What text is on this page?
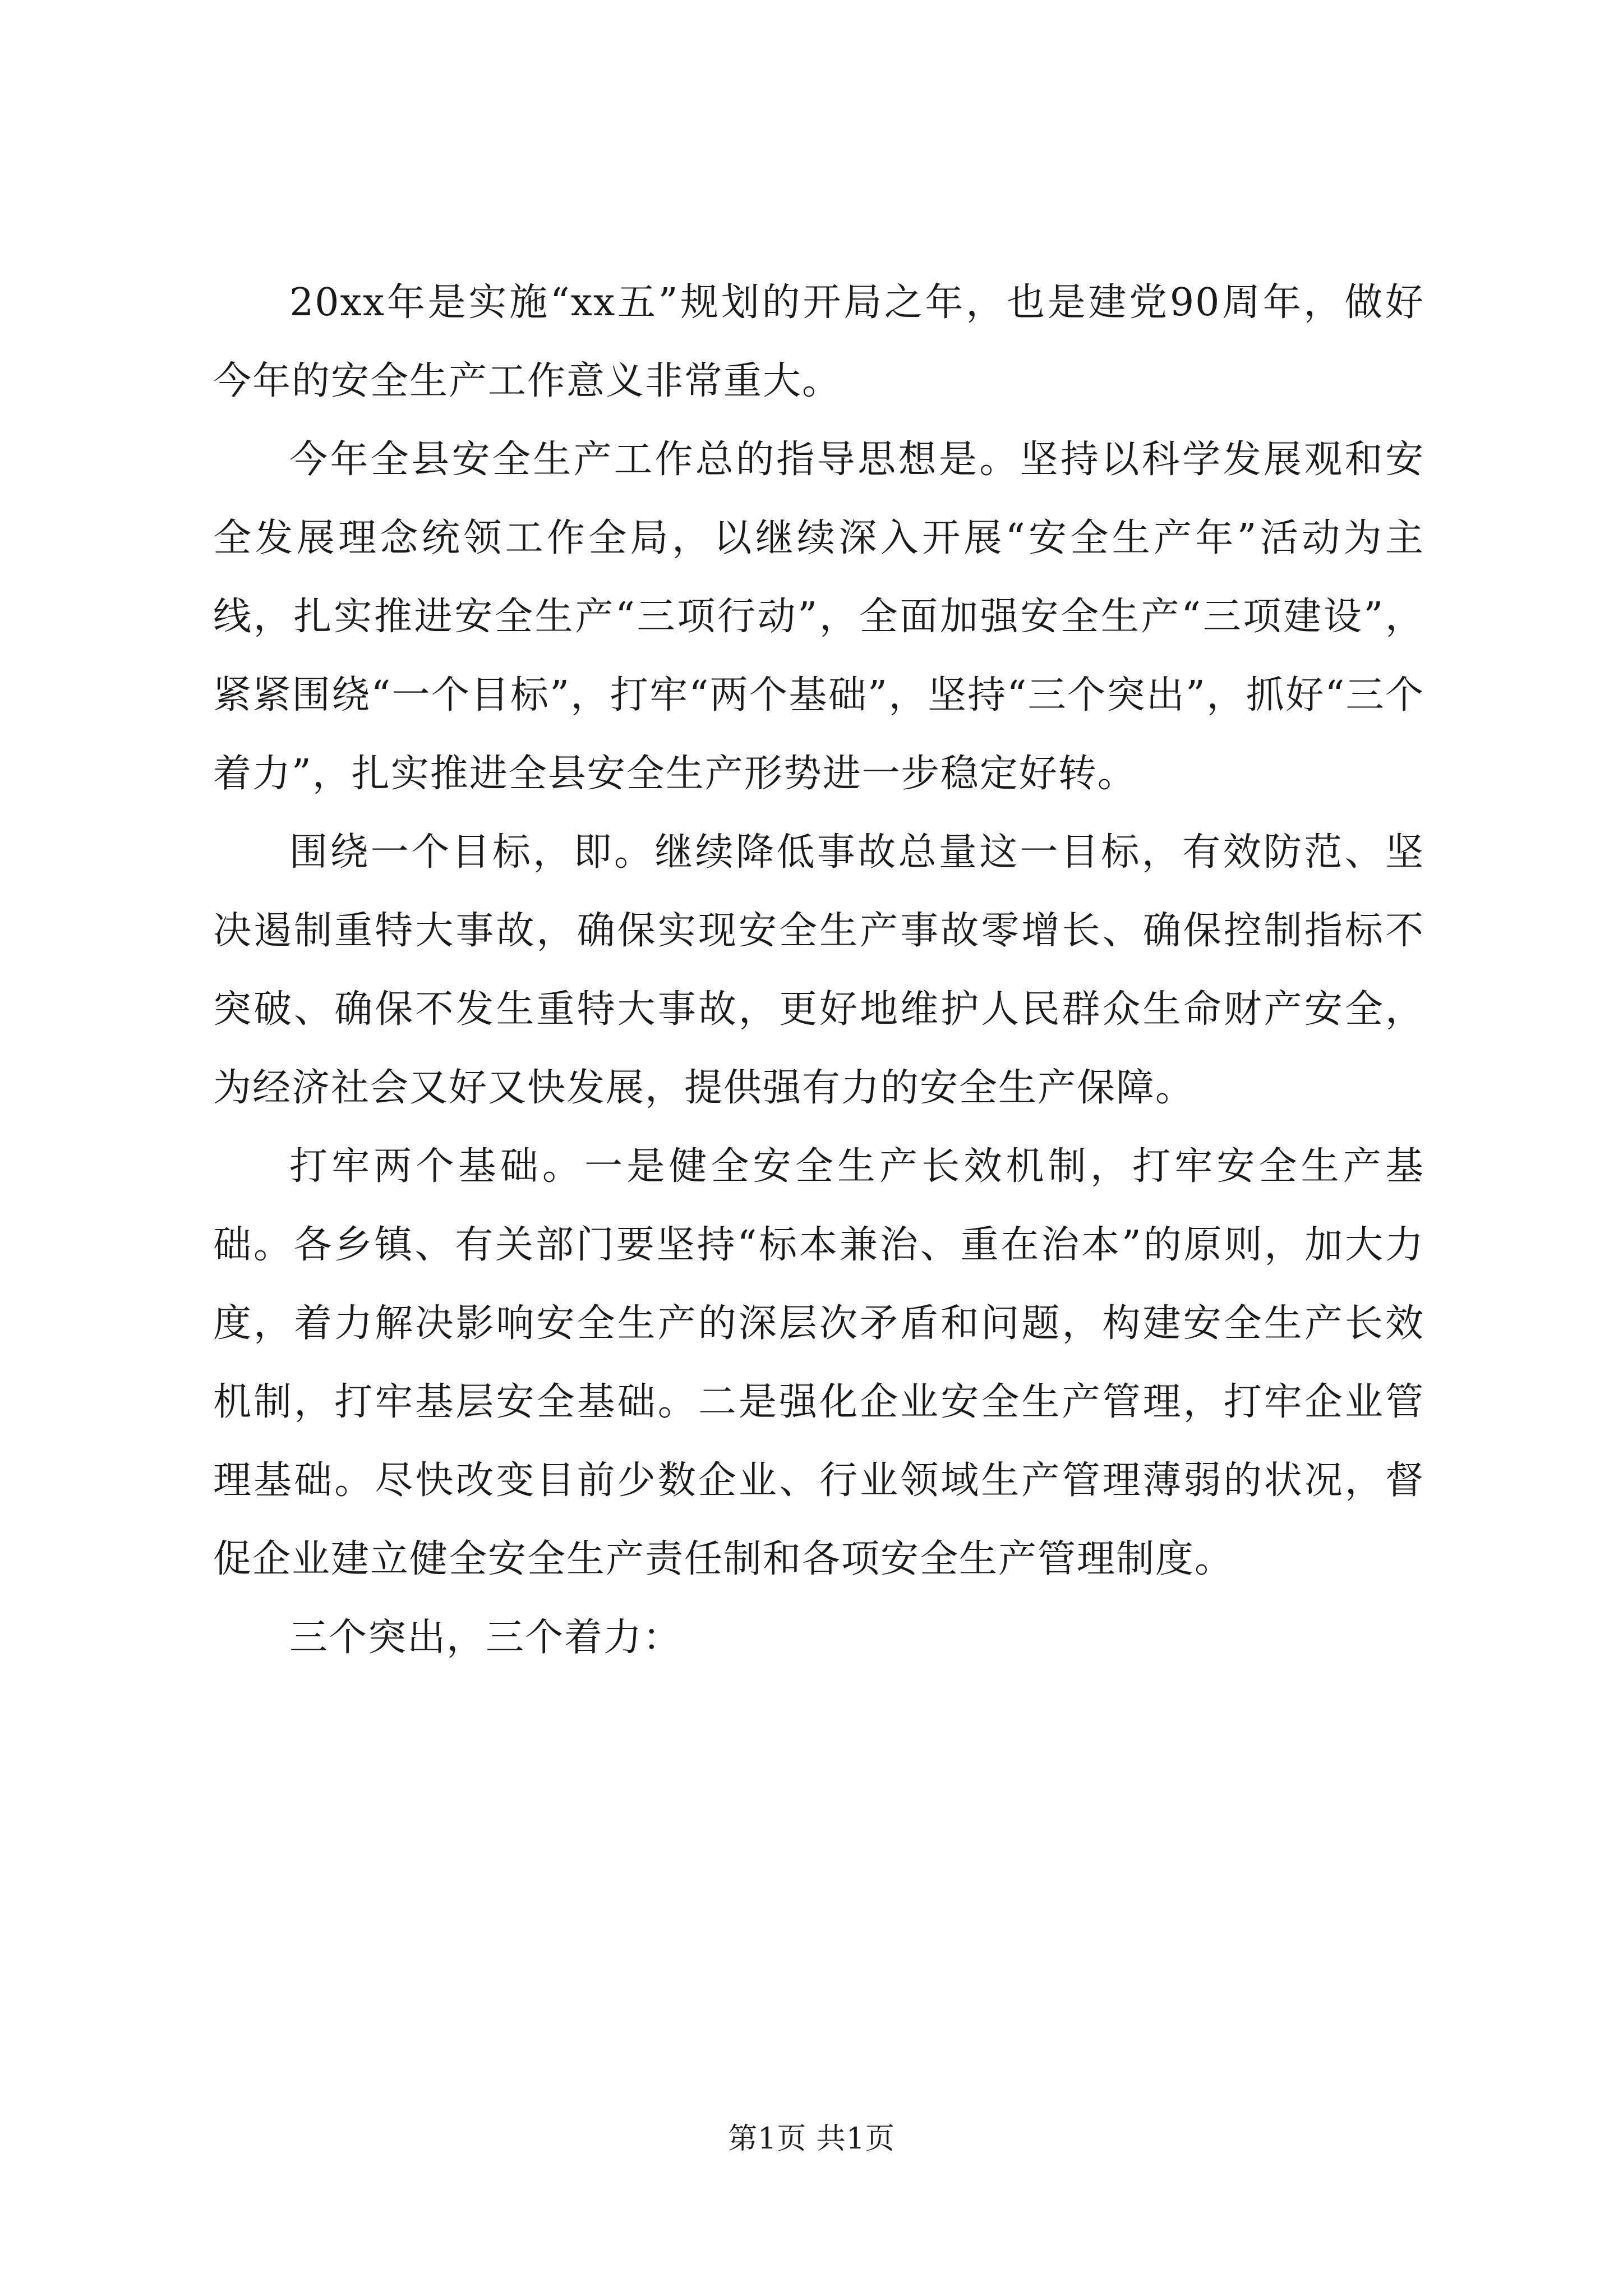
20xx年是实施“xx五”规划的开局之年，也是建党90周年，做好今年的安全生产工作意义非常重大。

今年全县安全生产工作总的指导思想是。坚持以科学发展观和安全发展理念统领工作全局，以继续深入开展“安全生产年”活动为主线，扎实推进安全生产“三项行动”，全面加强安全生产“三项建设”，紧紧围绕“一个目标”，打牢“两个基础”，坚持“三个突出”，抓好“三个着力”，扎实推进全县安全生产形势进一步稳定好转。

围绕一个目标，即。继续降低事故总量这一目标，有效防范、坚决遏制重特大事故，确保实现安全生产事故零增长、确保控制指标不突破、确保不发生重特大事故，更好地维护人民群众生命财产安全，为经济社会又好又快发展，提供强有力的安全生产保障。

打牢两个基础。一是健全安全生产长效机制，打牢安全生产基础。各乡镇、有关部门要坚持“标本兼治、重在治本”的原则，加大力度，着力解决影响安全生产的深层次矛盾和问题，构建安全生产长效机制，打牢基层安全基础。二是强化企业安全生产管理，打牢企业管理基础。尽快改变目前少数企业、行业领域生产管理薄弱的状况，督促企业建立健全安全生产责任制和各项安全生产管理制度。

三个突出，三个着力：

第1页 共1页
